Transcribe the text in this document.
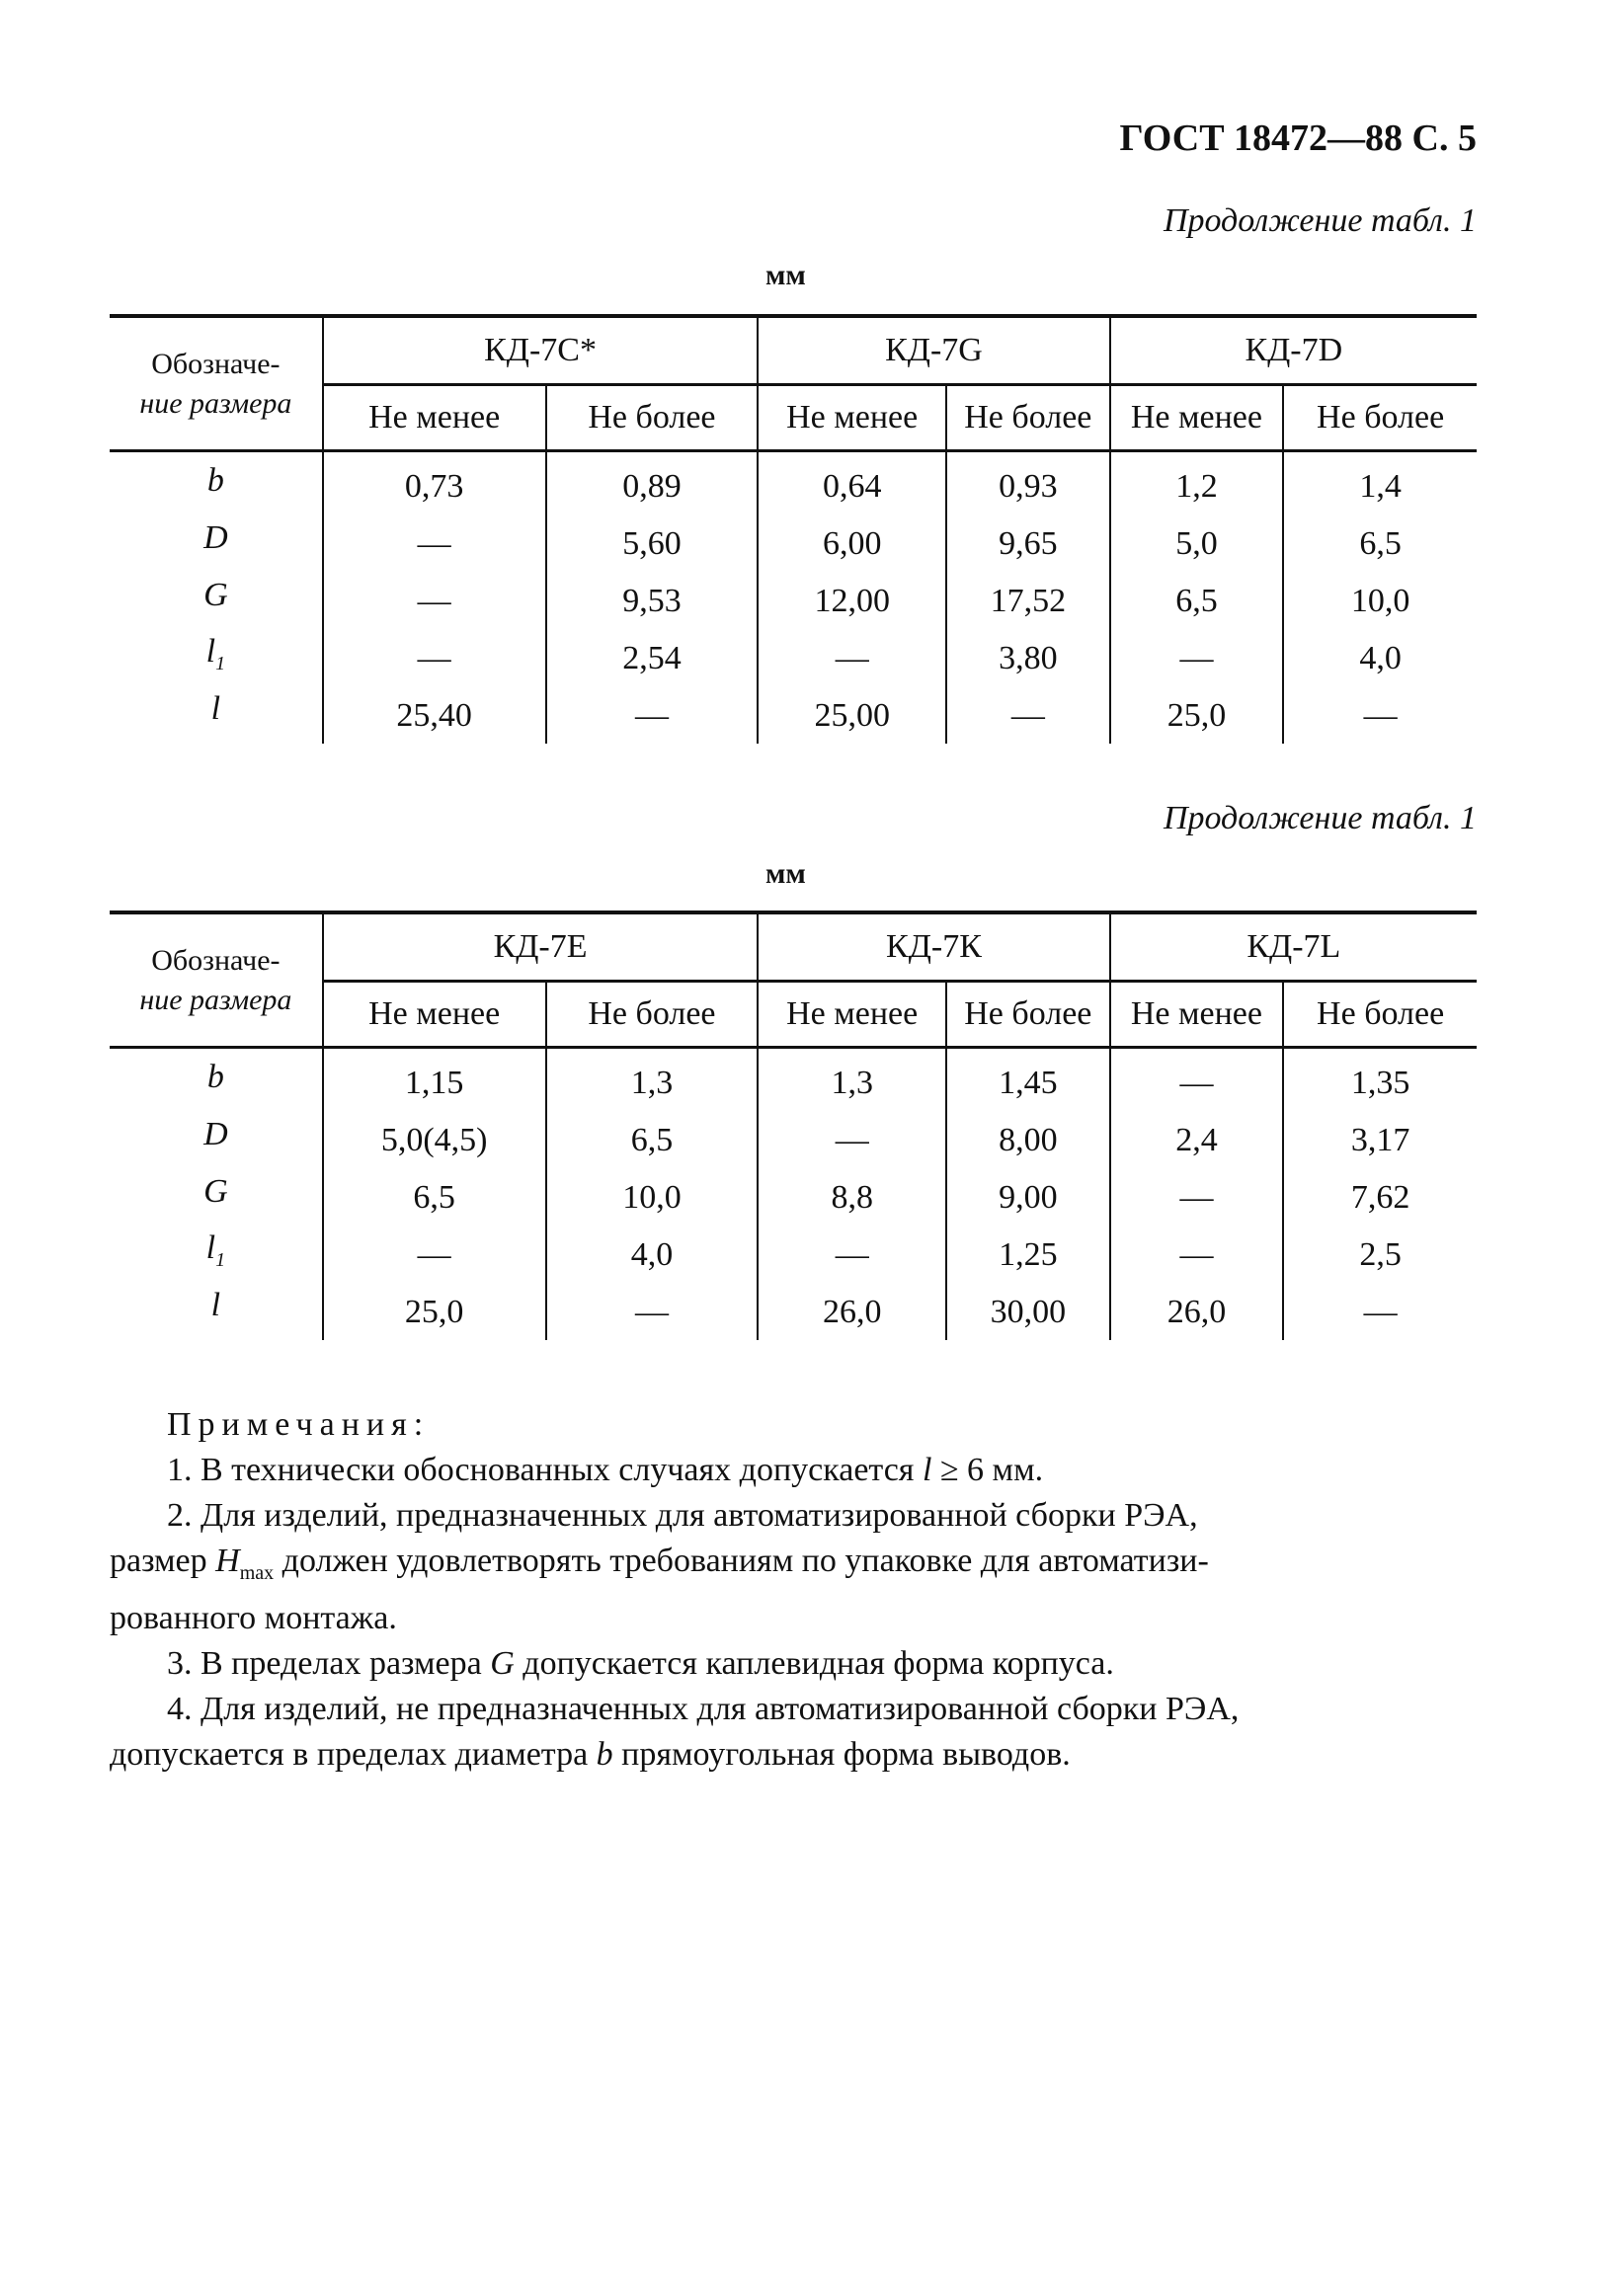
ГОСТ 18472—88 С. 5
Продолжение табл. 1
мм
Обозначе-
ние размера	КД-7С*		КД-7G		КД-7D	
	Не менее	Не более	Не менее	Не более	Не менее	Не более

b	0,73	0,89	0,64	0,93	1,2	1,4
D	—	5,60	6,00	9,65	5,0	6,5
G	—	9,53	12,00	17,52	6,5	10,0
$l_1$	—	2,54	—	3,80	—	4,0
l	25,40	—	25,00	—	25,0	—
Продолжение табл. 1
мм
Обозначе-
ние размера	КД-7Е		КД-7К		КД-7L	
	Не менее	Не более	Не менее	Не более	Не менее	Не более

b	1,15	1,3	1,3	1,45	—	1,35
D	5,0(4,5)	6,5	—	8,00	2,4	3,17
G	6,5	10,0	8,8	9,00	—	7,62
$l_1$	—	4,0	—	1,25	—	2,5
l	25,0	—	26,0	30,00	26,0	—
Примечания:
1. В технически обоснованных случаях допускается l ≥ 6 мм.
2. Для изделий, предназначенных для автоматизированной сборки РЭА,
размер $H_{max}$ должен удовлетворять требованиям по упаковке для автоматизи-
рованного монтажа.
3. В пределах размера G допускается каплевидная форма корпуса.
4. Для изделий, не предназначенных для автоматизированной сборки РЭА,
допускается в пределах диаметра b прямоугольная форма выводов.
